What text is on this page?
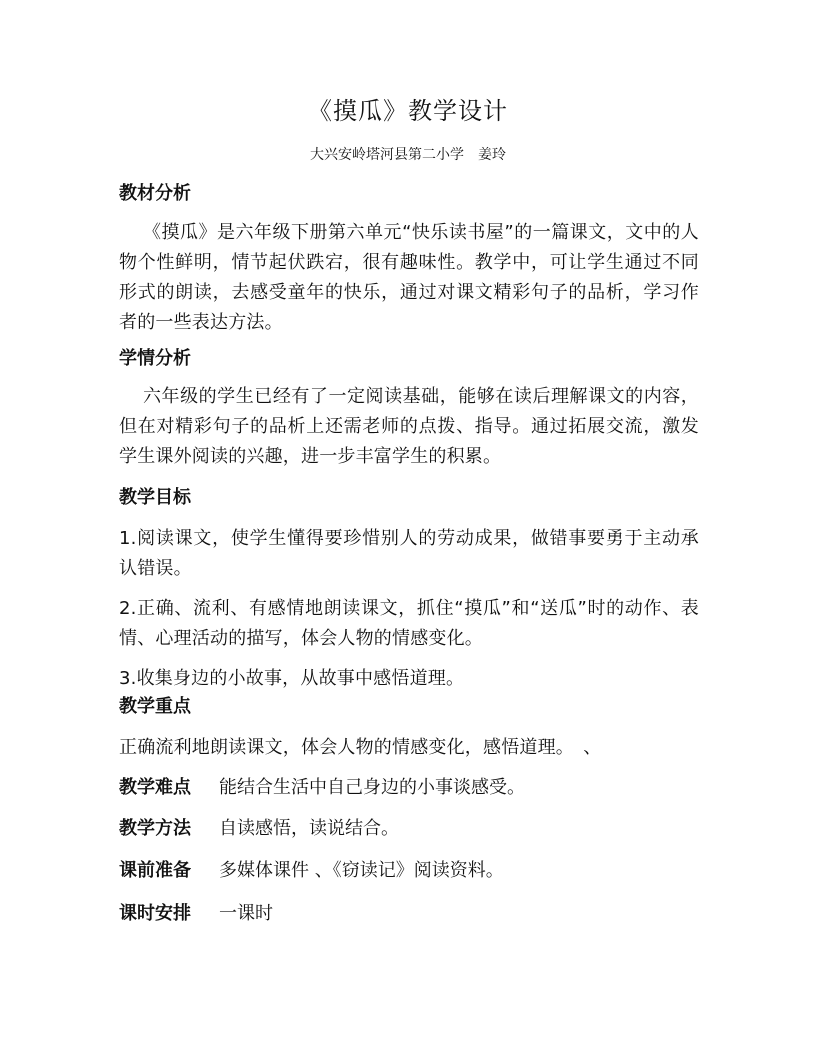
《摸瓜》教学设计
大兴安岭塔河县第二小学　姜玲
教材分析
《摸瓜》是六年级下册第六单元“快乐读书屋”的一篇课文，文中的人物个性鲜明，情节起伏跌宕，很有趣味性。教学中，可让学生通过不同形式的朗读，去感受童年的快乐，通过对课文精彩句子的品析，学习作者的一些表达方法。
学情分析
六年级的学生已经有了一定阅读基础，能够在读后理解课文的内容，但在对精彩句子的品析上还需老师的点拨、指导。通过拓展交流，激发学生课外阅读的兴趣，进一步丰富学生的积累。
教学目标
1.阅读课文，使学生懂得要珍惜别人的劳动成果，做错事要勇于主动承认错误。
2.正确、流利、有感情地朗读课文，抓住“摸瓜”和“送瓜”时的动作、表情、心理活动的描写，体会人物的情感变化。
3.收集身边的小故事，从故事中感悟道理。
教学重点
正确流利地朗读课文，体会人物的情感变化，感悟道理。　、
教学难点 能结合生活中自己身边的小事谈感受。
教学方法 自读感悟，读说结合。
课前准备 多媒体课件 、《窃读记》阅读资料。
课时安排 一课时
